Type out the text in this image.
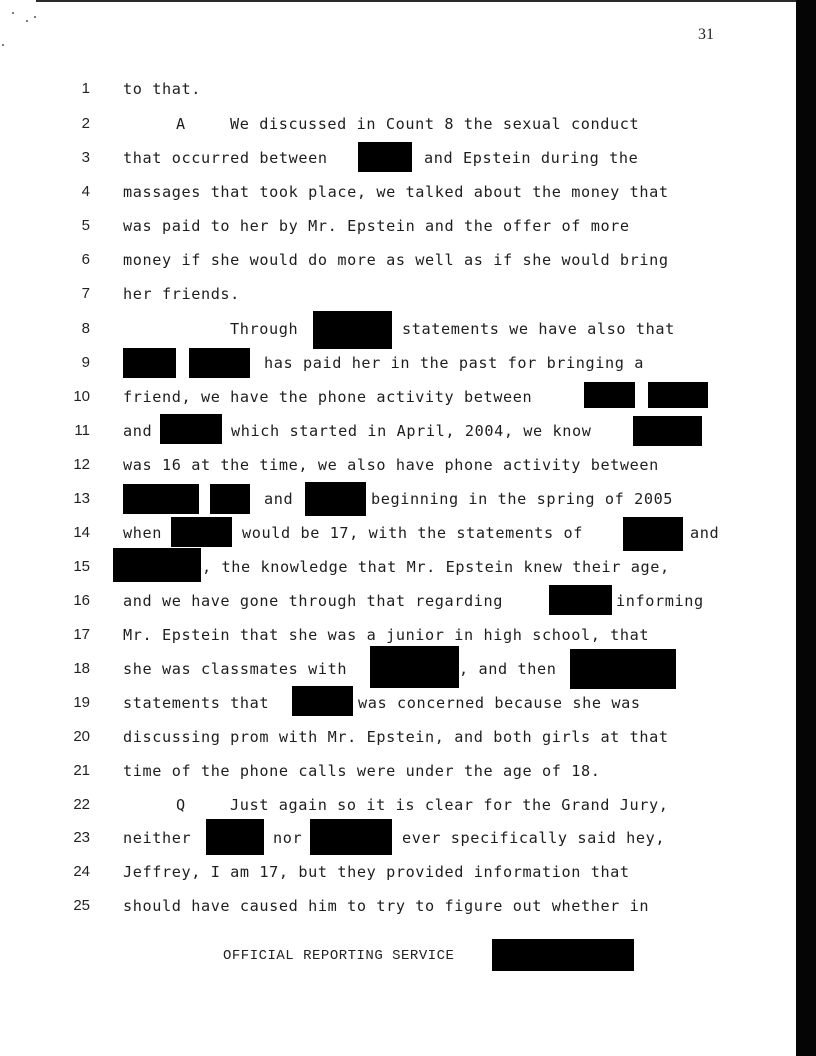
31
1
2
3
4
5
6
7
8
9
10
11
12
13
14
15
16
17
18
19
20
21
22
23
24
25
to that.
A	We discussed in Count 8 the sexual conduct
that occurred between	and Epstein during the
massages that took place, we talked about the money that
was paid to her by Mr. Epstein and the offer of more
money if she would do more as well as if she would bring
her friends.
Through	statements we have also that
has paid her in the past for bringing a
friend, we have the phone activity between
and	which started in April, 2004, we know
was 16 at the time, we also have phone activity between
and	beginning in the spring of 2005
when	would be 17, with the statements of	and
, the knowledge that Mr. Epstein knew their age,
and we have gone through that regarding	informing
Mr. Epstein that she was a junior in high school, that
she was classmates with	, and then
statements that	was concerned because she was
discussing prom with Mr. Epstein, and both girls at that
time of the phone calls were under the age of 18.
Q	Just again so it is clear for the Grand Jury,
neither	nor	ever specifically said hey,
Jeffrey, I am 17, but they provided information that
should have caused him to try to figure out whether in
OFFICIAL REPORTING SERVICE
